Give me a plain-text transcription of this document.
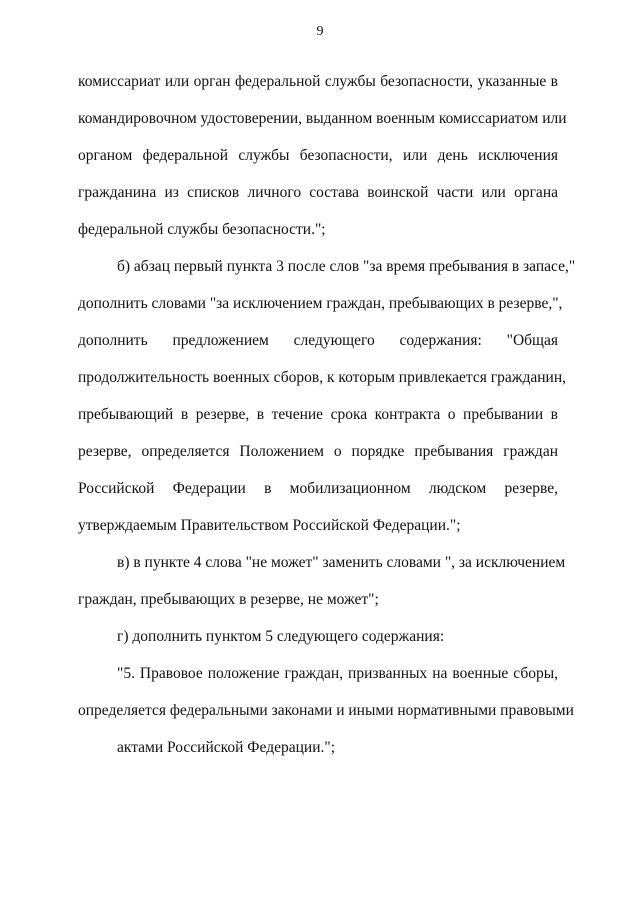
9
комиссариат или орган федеральной службы безопасности, указанные в
командировочном удостоверении, выданном военным комиссариатом или
органом федеральной службы безопасности, или день исключения
гражданина из списков личного состава воинской части или органа
федеральной службы безопасности.";
б) абзац первый пункта 3 после слов "за время пребывания в запасе,"
дополнить словами "за исключением граждан, пребывающих в резерве,",
дополнить предложением следующего содержания: "Общая
продолжительность военных сборов, к которым привлекается гражданин,
пребывающий в резерве, в течение срока контракта о пребывании в
резерве, определяется Положением о порядке пребывания граждан
Российской Федерации в мобилизационном людском резерве,
утверждаемым Правительством Российской Федерации.";
в) в пункте 4 слова "не может" заменить словами ", за исключением
граждан, пребывающих в резерве, не может";
г) дополнить пунктом 5 следующего содержания:
"5. Правовое положение граждан, призванных на военные сборы,
определяется федеральными законами и иными нормативными правовыми
актами Российской Федерации.";
